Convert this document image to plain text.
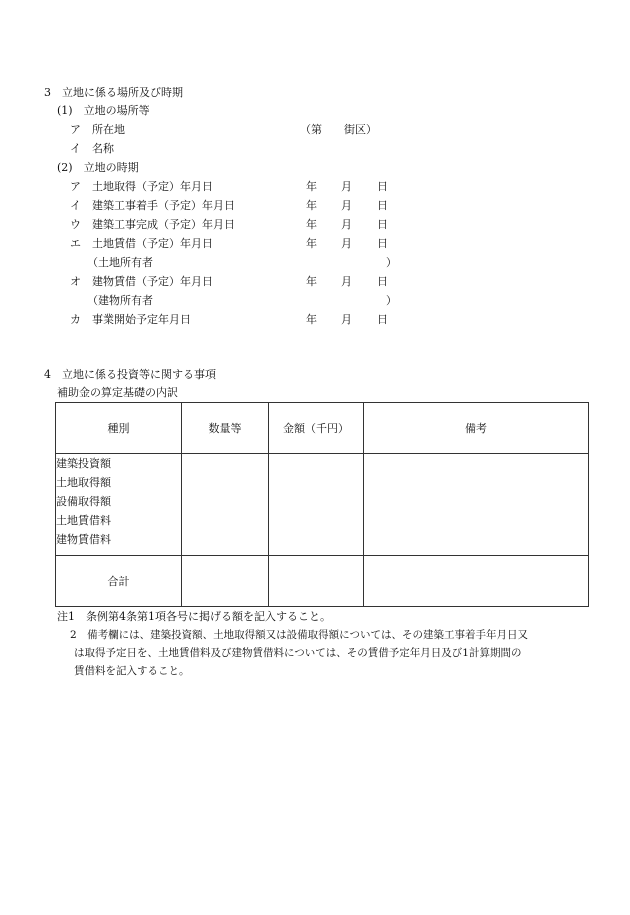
3　立地に係る場所及び時期
(1)　立地の場所等
ア　所在地	（第　　街区）
イ　名称
(2)　立地の時期
ア　土地取得（予定）年月日	年 月 日
イ　建築工事着手（予定）年月日	年 月 日
ウ　建築工事完成（予定）年月日	年 月 日
エ　土地賃借（予定）年月日	年 月 日
（土地所有者	）
オ　建物賃借（予定）年月日	年 月 日
（建物所有者	）
カ　事業開始予定年月日	年 月 日
4　立地に係る投資等に関する事項
補助金の算定基礎の内訳
種別	数量等	金額（千円）	備考

建築投資額
土地取得額
設備取得額
土地賃借料
建物賃借料			

合計			
注1　条例第4条第1項各号に掲げる額を記入すること。
2　備考欄には、建築投資額、土地取得額又は設備取得額については、その建築工事着手年月日又
は取得予定日を、土地賃借料及び建物賃借料については、その賃借予定年月日及び1計算期間の
賃借料を記入すること。
